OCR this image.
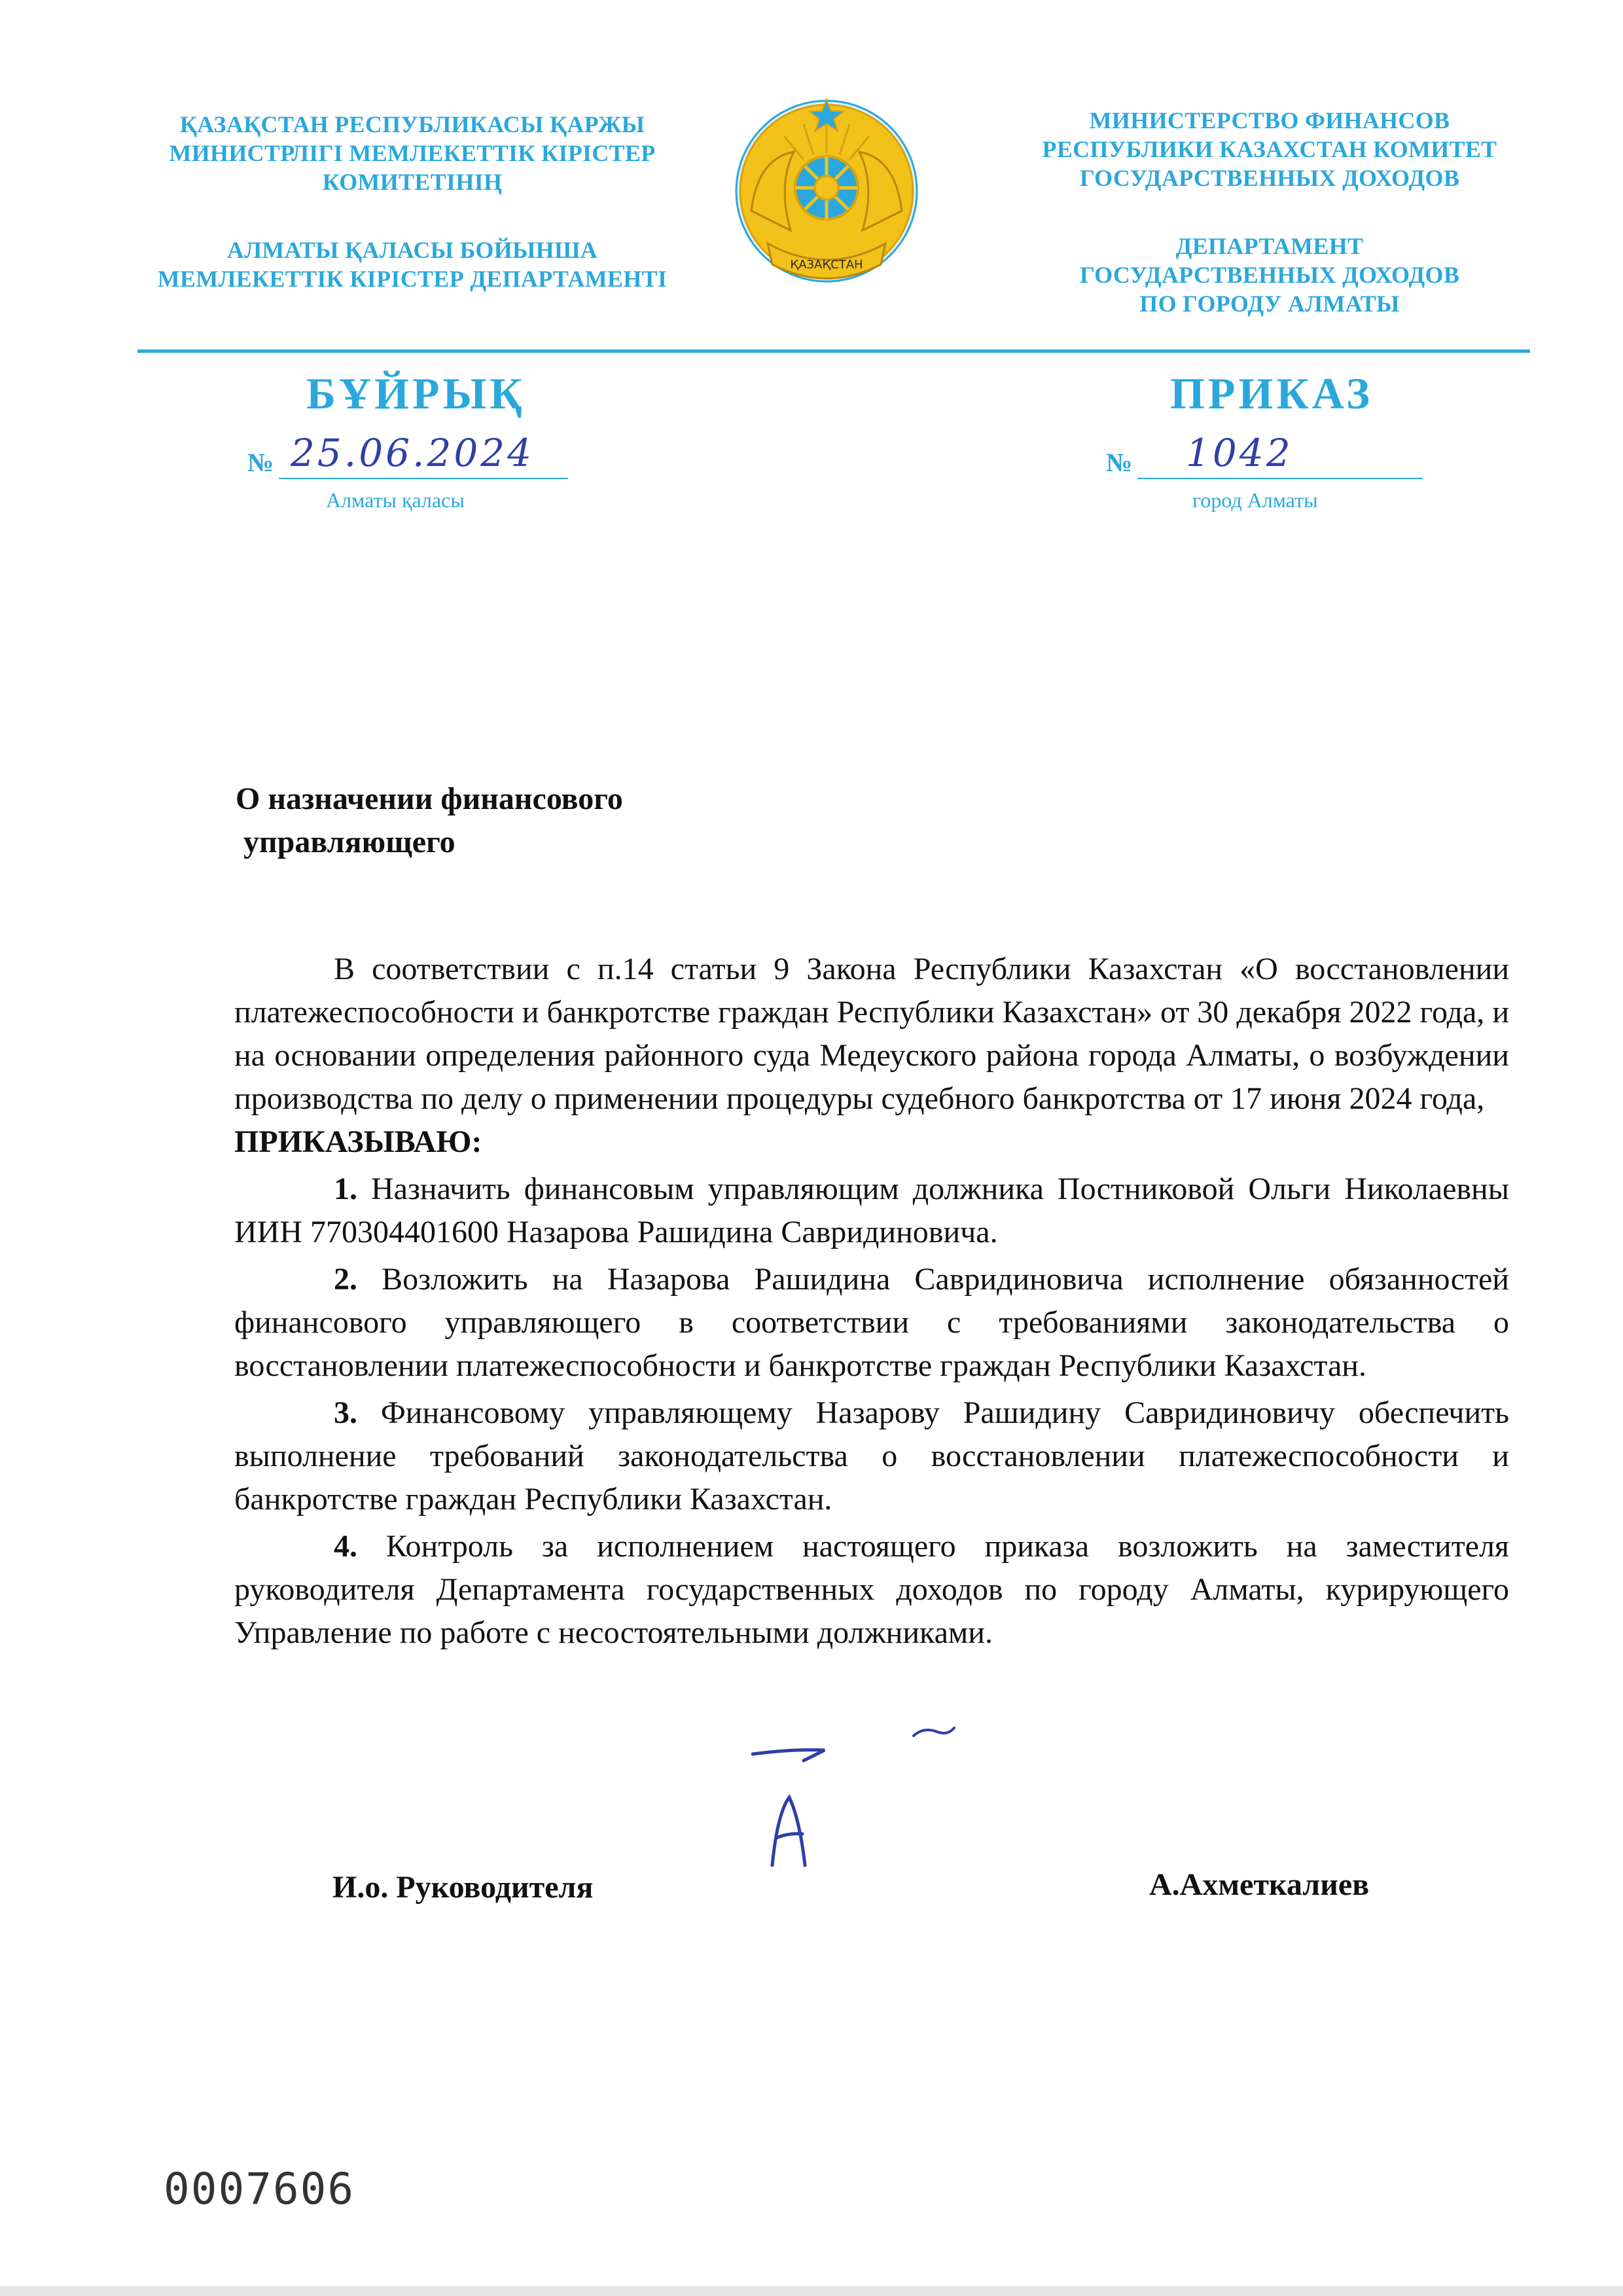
ҚАЗАҚСТАН РЕСПУБЛИКАСЫ ҚАРЖЫ
МИНИСТРЛІГІ МЕМЛЕКЕТТІК КІРІСТЕР
КОМИТЕТІНІҢ
АЛМАТЫ ҚАЛАСЫ БОЙЫНША
МЕМЛЕКЕТТІК КІРІСТЕР ДЕПАРТАМЕНТІ
ҚАЗАҚСТАН
МИНИСТЕРСТВО ФИНАНСОВ
РЕСПУБЛИКИ КАЗАХСТАН КОМИТЕТ
ГОСУДАРСТВЕННЫХ ДОХОДОВ
ДЕПАРТАМЕНТ
ГОСУДАРСТВЕННЫХ ДОХОДОВ
ПО ГОРОДУ АЛМАТЫ
БҰЙРЫҚ	ПРИКАЗ
№ 25.06.2024	№ 1042
Алматы қаласы	город Алматы
О назначении финансового
управляющего

В соответствии с п.14 статьи 9 Закона Республики Казахстан «О восстановлении платежеспособности и банкротстве граждан Республики Казахстан» от 30 декабря 2022 года, и на основании определения районного суда Медеуского района города Алматы, о возбуждении производства по делу о применении процедуры судебного банкротства от 17 июня 2024 года,
ПРИКАЗЫВАЮ:

1. Назначить финансовым управляющим должника Постниковой Ольги Николаевны ИИН 770304401600 Назарова Рашидина Савридиновича.

2. Возложить на Назарова Рашидина Савридиновича исполнение обязанностей финансового управляющего в соответствии с требованиями законодательства о восстановлении платежеспособности и банкротстве граждан Республики Казахстан.

3. Финансовому управляющему Назарову Рашидину Савридиновичу обеспечить выполнение требований законодательства о восстановлении платежеспособности и банкротстве граждан Республики Казахстан.

4. Контроль за исполнением настоящего приказа возложить на заместителя руководителя Департамента государственных доходов по городу Алматы, курирующего Управление по работе с несостоятельными должниками.

И.о. Руководителя	А.Ахметкалиев
0007606
